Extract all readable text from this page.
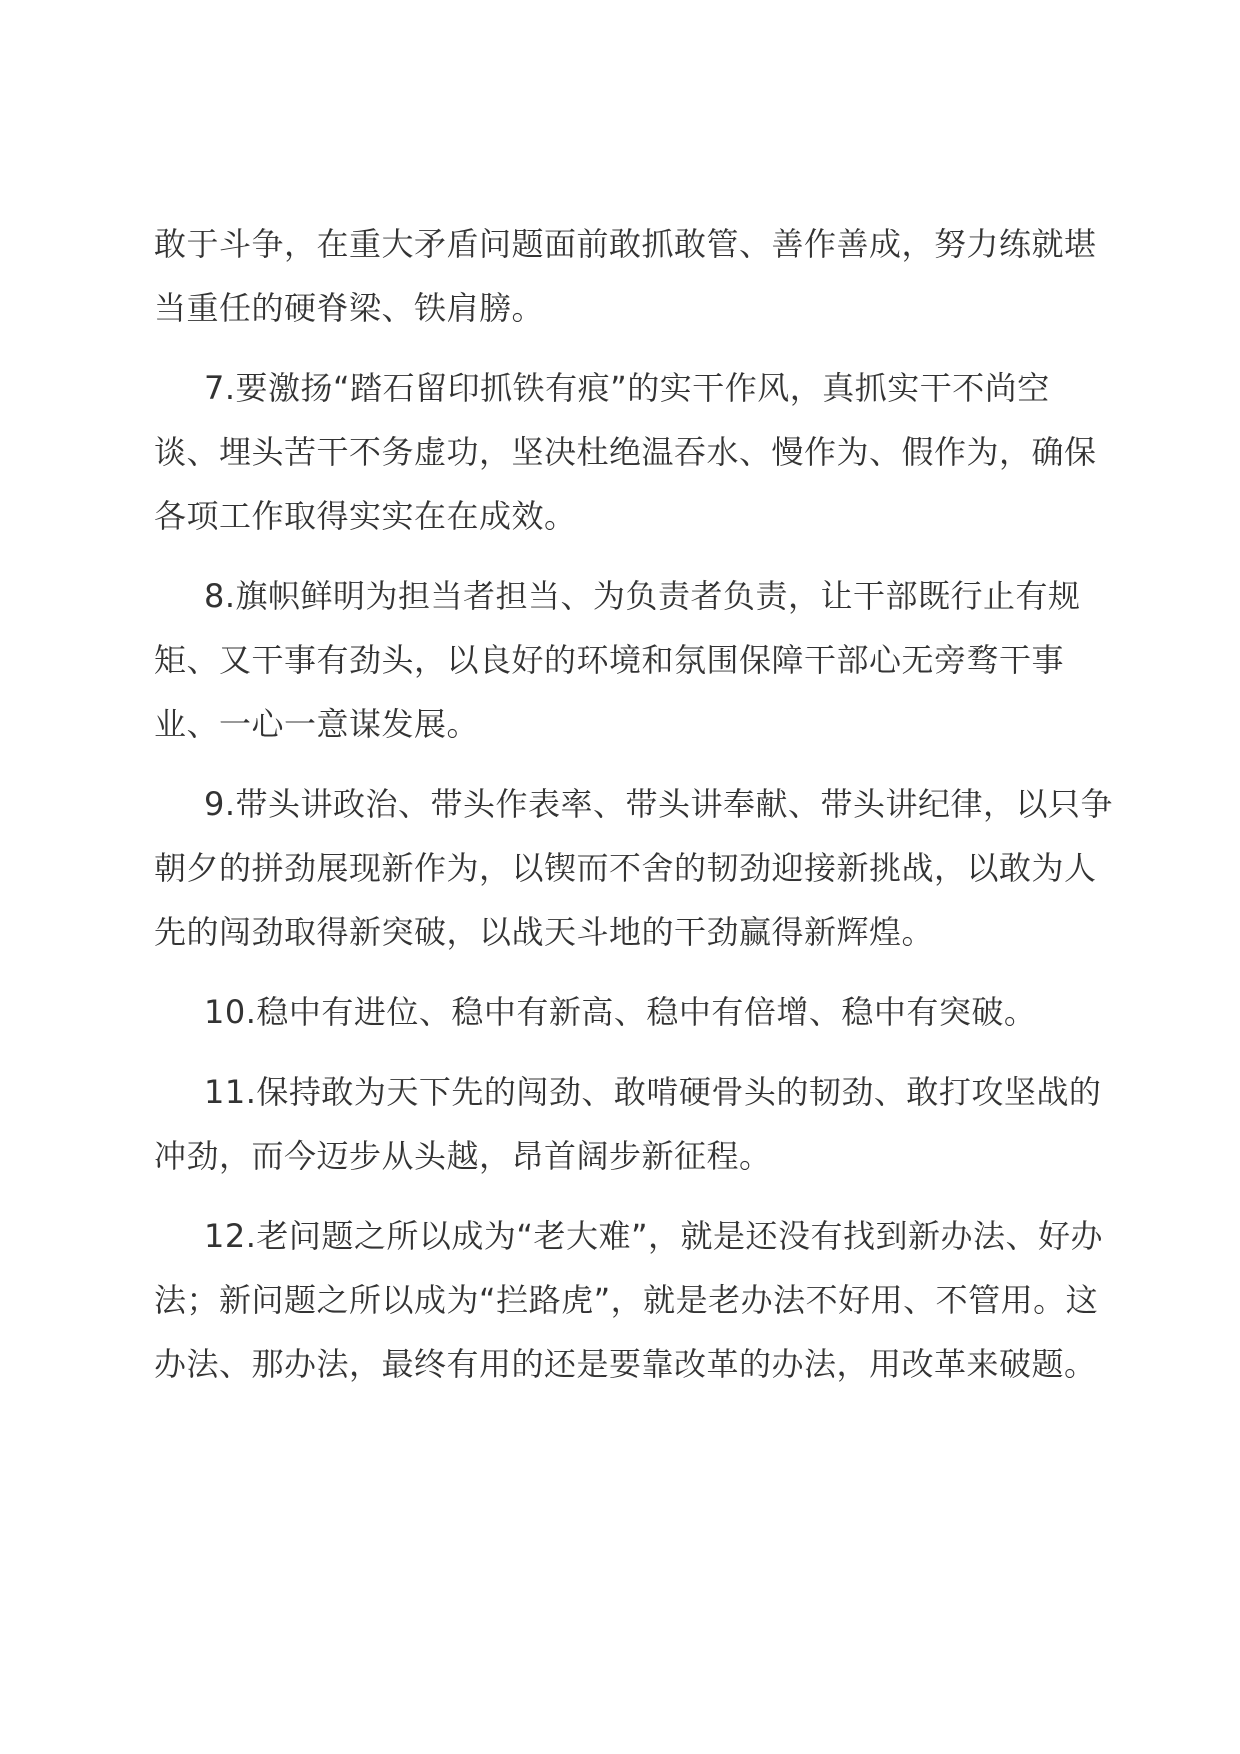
敢于斗争，在重大矛盾问题面前敢抓敢管、善作善成，努力练就堪当重任的硬脊梁、铁肩膀。

7.要激扬“踏石留印抓铁有痕”的实干作风，真抓实干不尚空谈、埋头苦干不务虚功，坚决杜绝温吞水、慢作为、假作为，确保各项工作取得实实在在成效。

8.旗帜鲜明为担当者担当、为负责者负责，让干部既行止有规矩、又干事有劲头，以良好的环境和氛围保障干部心无旁骛干事业、一心一意谋发展。

9.带头讲政治、带头作表率、带头讲奉献、带头讲纪律，以只争朝夕的拼劲展现新作为，以锲而不舍的韧劲迎接新挑战，以敢为人先的闯劲取得新突破，以战天斗地的干劲赢得新辉煌。

10.稳中有进位、稳中有新高、稳中有倍增、稳中有突破。

11.保持敢为天下先的闯劲、敢啃硬骨头的韧劲、敢打攻坚战的冲劲，而今迈步从头越，昂首阔步新征程。

12.老问题之所以成为“老大难”，就是还没有找到新办法、好办法；新问题之所以成为“拦路虎”，就是老办法不好用、不管用。这办法、那办法，最终有用的还是要靠改革的办法，用改革来破题。
